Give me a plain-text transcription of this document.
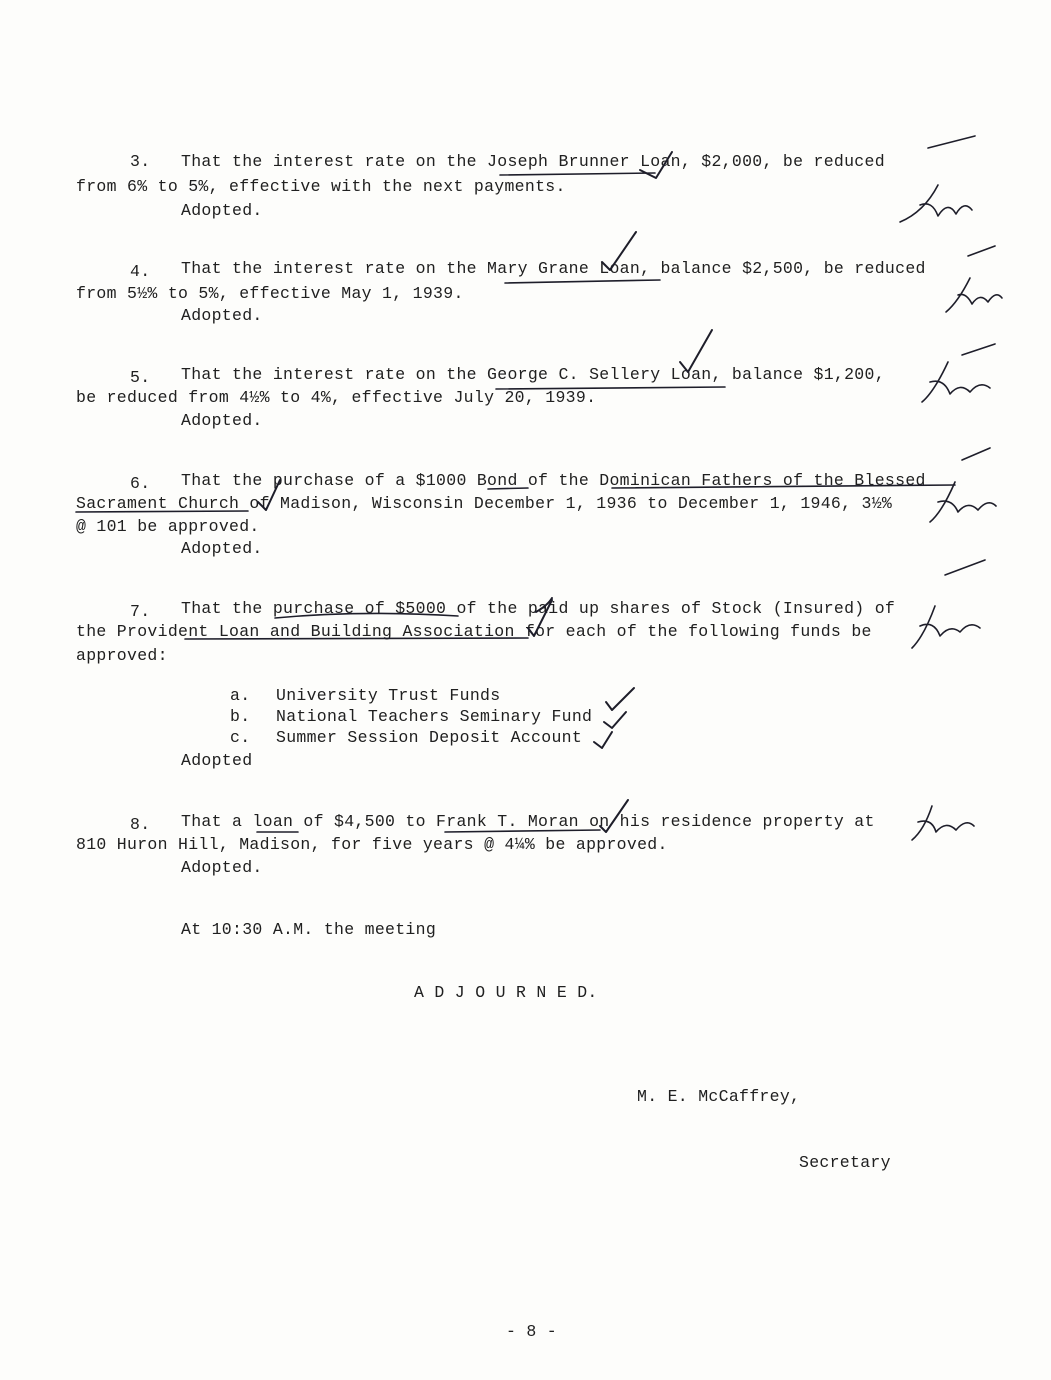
3. That the interest rate on the Joseph Brunner Loan, $2,000, be reduced
from 6% to 5%, effective with the next payments.
Adopted.
4. That the interest rate on the Mary Grane Loan, balance $2,500, be reduced
from 5½% to 5%, effective May 1, 1939.
Adopted.
5. That the interest rate on the George C. Sellery Loan, balance $1,200,
be reduced from 4½% to 4%, effective July 20, 1939.
Adopted.
6. That the purchase of a $1000 Bond of the Dominican Fathers of the Blessed
Sacrament Church of Madison, Wisconsin December 1, 1936 to December 1, 1946, 3½%
@ 101 be approved.
Adopted.
7. That the purchase of $5000 of the paid up shares of Stock (Insured) of
the Provident Loan and Building Association for each of the following funds be
approved:
a. University Trust Funds
b. National Teachers Seminary Fund
c. Summer Session Deposit Account
Adopted
8. That a loan of $4,500 to Frank T. Moran on his residence property at
810 Huron Hill, Madison, for five years @ 4¼% be approved.
Adopted.
At 10:30 A.M. the meeting
A D J O U R N E D.
M. E. McCaffrey,
Secretary
- 8 -
